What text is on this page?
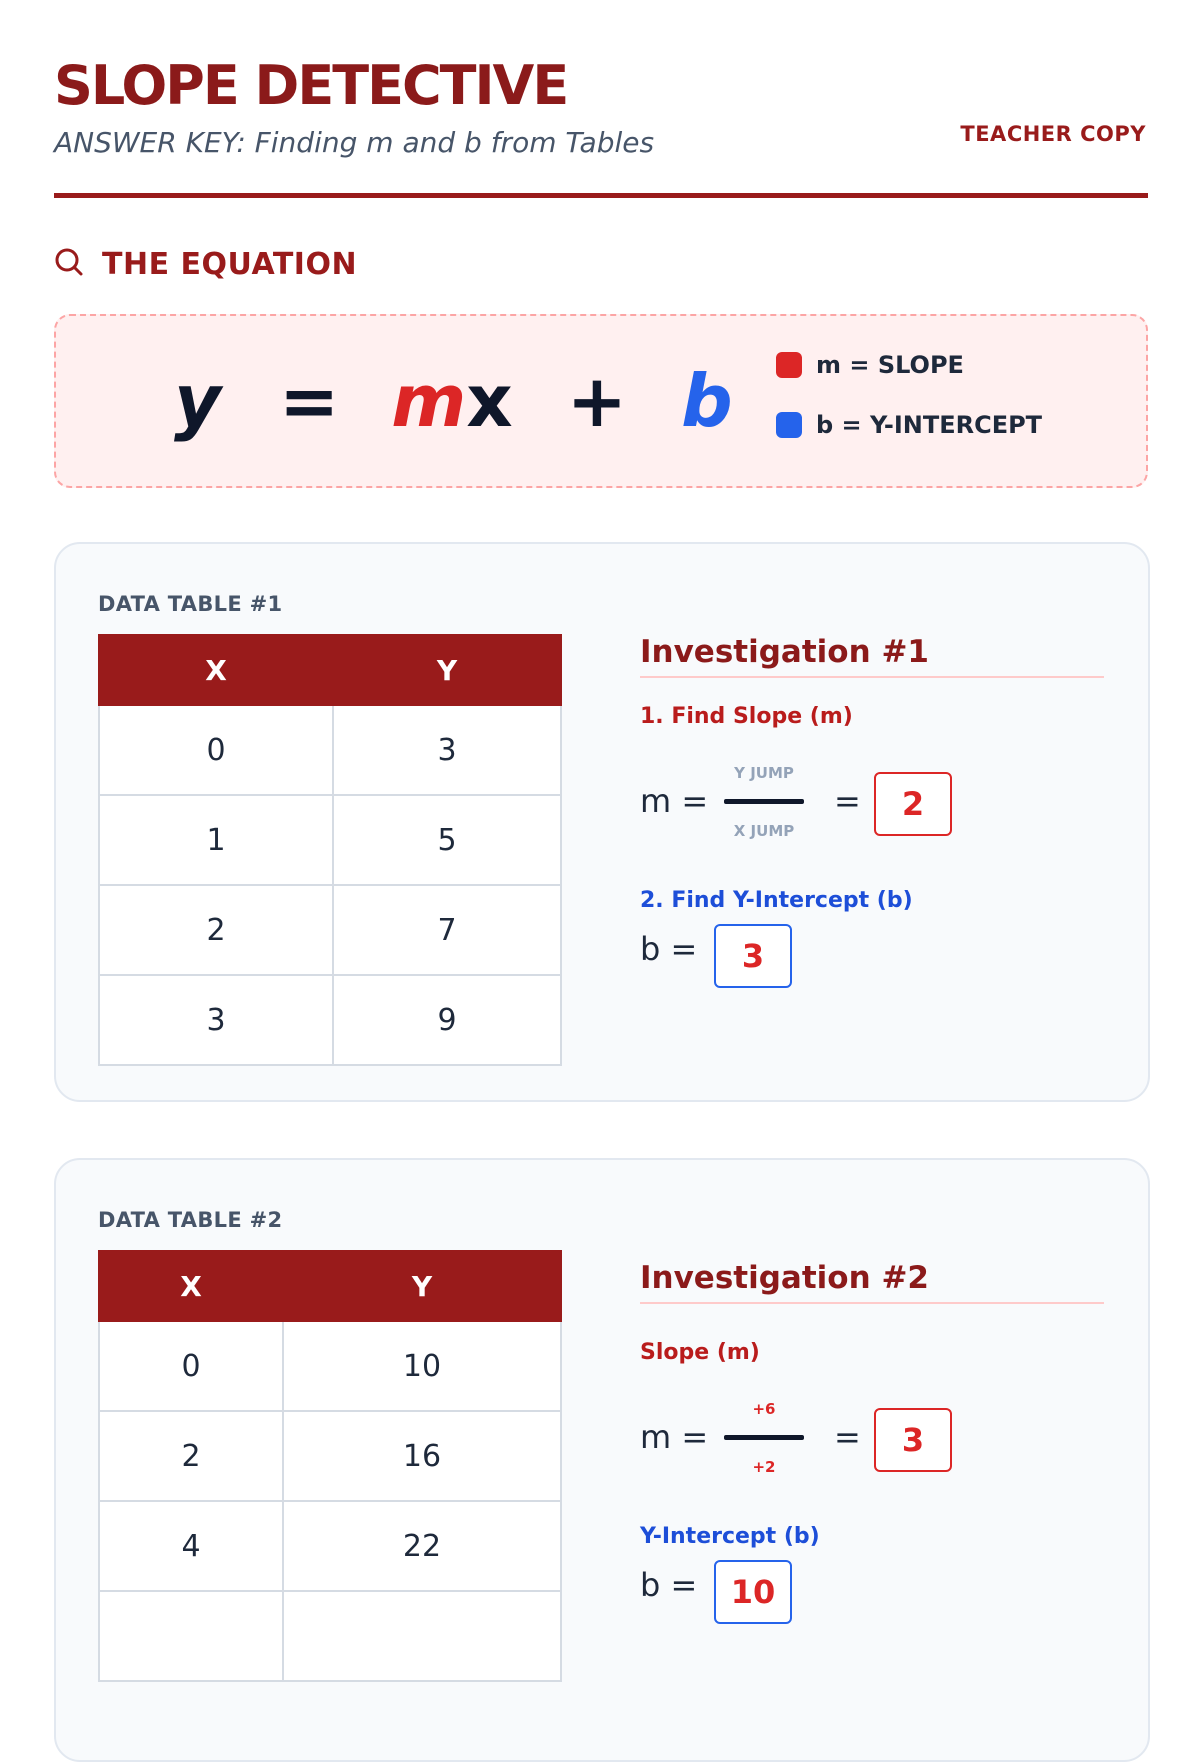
SLOPE DETECTIVE
ANSWER KEY: Finding m and b from Tables	TEACHER COPY
THE EQUATION
y = m x + b	m = SLOPE
b = Y-INTERCEPT
DATA TABLE #1
X	Y
0	3
1	5
2	7
3	9
Investigation #1
1. Find Slope (m)
m =
Y JUMP
X JUMP
=	2
2. Find Y-Intercept (b)
b =	3
DATA TABLE #2
X	Y
0	10
2	16
4	22

Investigation #2
Slope (m)
m =
+6
+2
=	3
Y-Intercept (b)
b =	10
